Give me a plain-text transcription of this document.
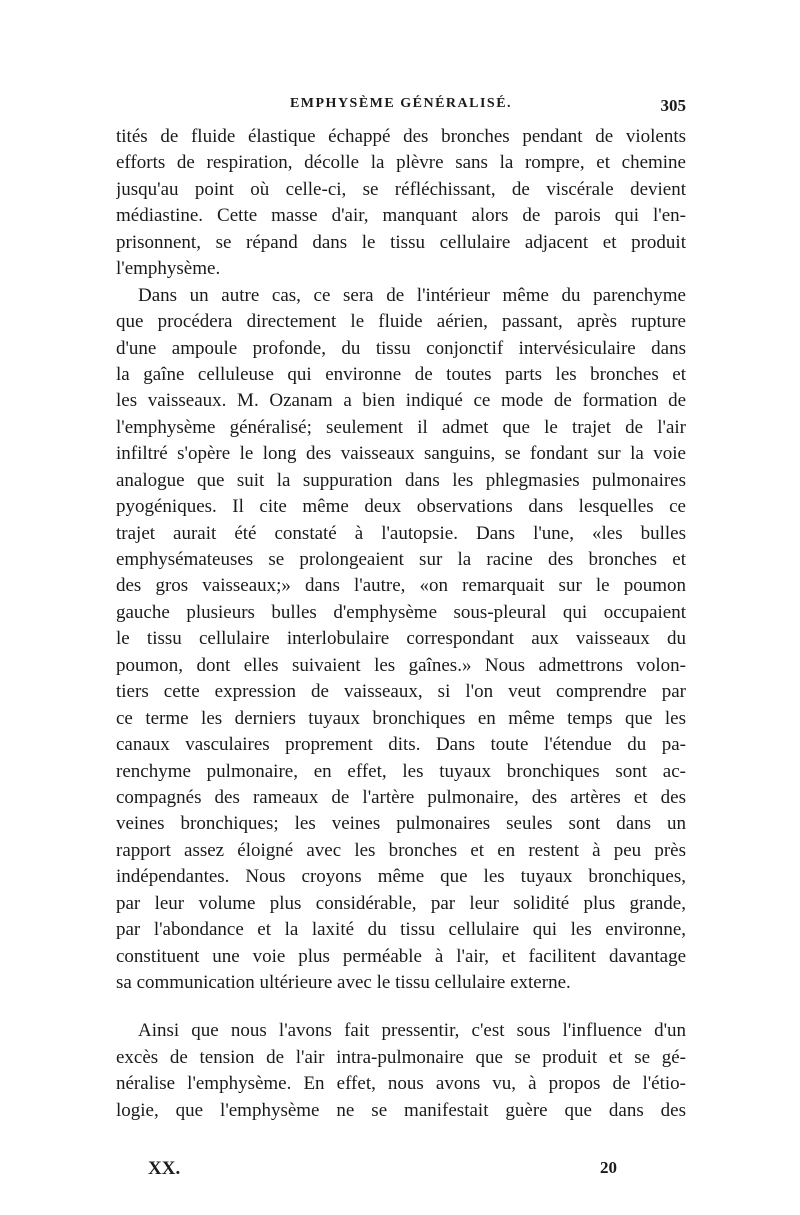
EMPHYSÈME GÉNÉRALISÉ.	305
tités de fluide élastique échappé des bronches pendant de violents
efforts de respiration, décolle la plèvre sans la rompre, et chemine
jusqu'au point où celle-ci, se réfléchissant, de viscérale devient
médiastine. Cette masse d'air, manquant alors de parois qui l'en-
prisonnent, se répand dans le tissu cellulaire adjacent et produit
l'emphysème.
Dans un autre cas, ce sera de l'intérieur même du parenchyme
que procédera directement le fluide aérien, passant, après rupture
d'une ampoule profonde, du tissu conjonctif intervésiculaire dans
la gaîne celluleuse qui environne de toutes parts les bronches et
les vaisseaux. M. Ozanam a bien indiqué ce mode de formation de
l'emphysème généralisé; seulement il admet que le trajet de l'air
infiltré s'opère le long des vaisseaux sanguins, se fondant sur la voie
analogue que suit la suppuration dans les phlegmasies pulmonaires
pyogéniques. Il cite même deux observations dans lesquelles ce
trajet aurait été constaté à l'autopsie. Dans l'une, «les bulles
emphysémateuses se prolongeaient sur la racine des bronches et
des gros vaisseaux;» dans l'autre, «on remarquait sur le poumon
gauche plusieurs bulles d'emphysème sous-pleural qui occupaient
le tissu cellulaire interlobulaire correspondant aux vaisseaux du
poumon, dont elles suivaient les gaînes.» Nous admettrons volon-
tiers cette expression de vaisseaux, si l'on veut comprendre par
ce terme les derniers tuyaux bronchiques en même temps que les
canaux vasculaires proprement dits. Dans toute l'étendue du pa-
renchyme pulmonaire, en effet, les tuyaux bronchiques sont ac-
compagnés des rameaux de l'artère pulmonaire, des artères et des
veines bronchiques; les veines pulmonaires seules sont dans un
rapport assez éloigné avec les bronches et en restent à peu près
indépendantes. Nous croyons même que les tuyaux bronchiques,
par leur volume plus considérable, par leur solidité plus grande,
par l'abondance et la laxité du tissu cellulaire qui les environne,
constituent une voie plus perméable à l'air, et facilitent davantage
sa communication ultérieure avec le tissu cellulaire externe.
Ainsi que nous l'avons fait pressentir, c'est sous l'influence d'un
excès de tension de l'air intra-pulmonaire que se produit et se gé-
néralise l'emphysème. En effet, nous avons vu, à propos de l'étio-
logie, que l'emphysème ne se manifestait guère que dans des
XX.	20
